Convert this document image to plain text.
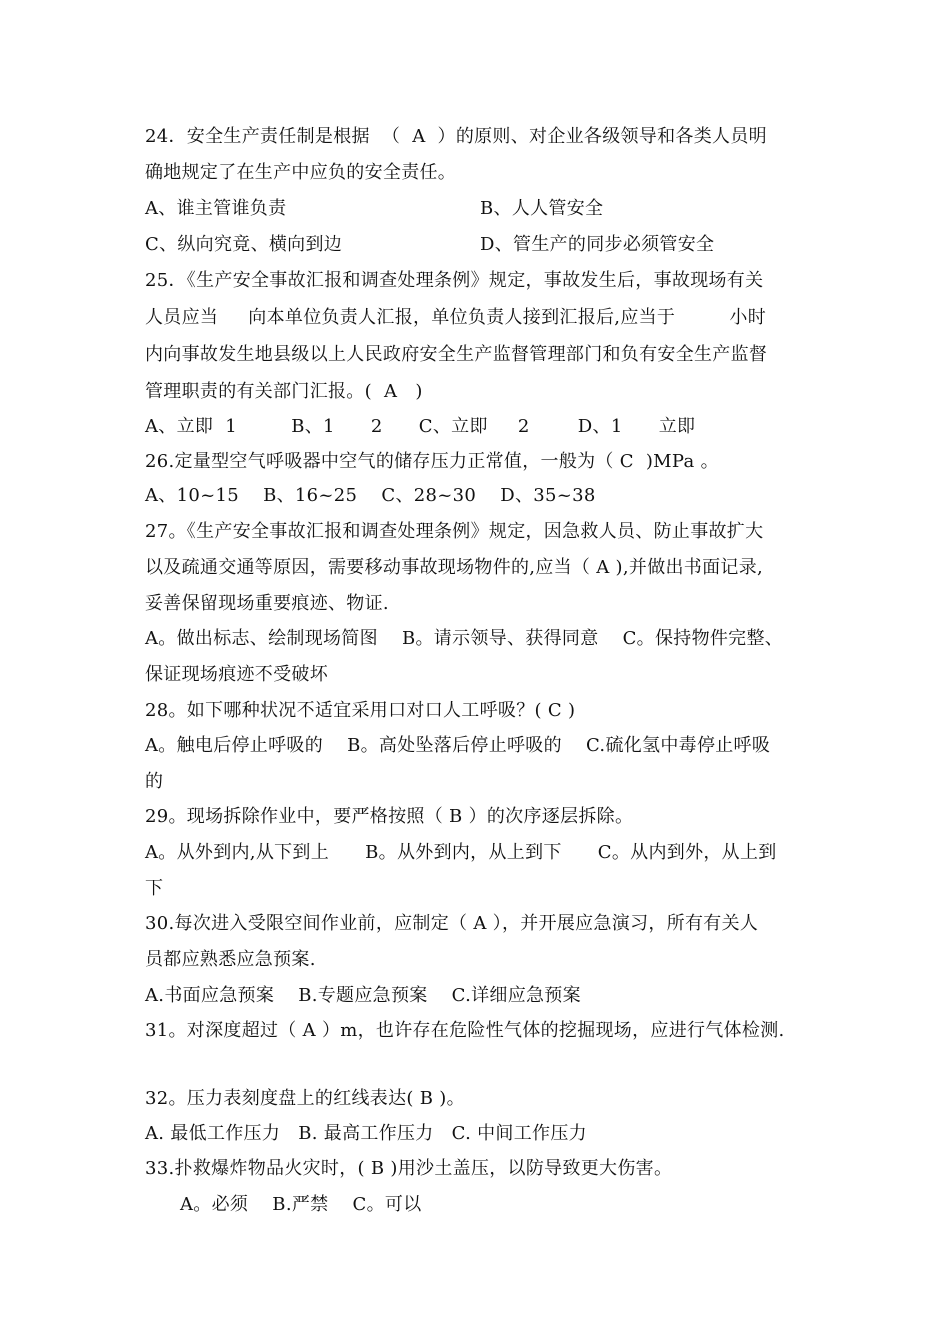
24．安全生产责任制是根据  （  A  ）的原则、对企业各级领导和各类人员明
确地规定了在生产中应负的安全责任。
A、谁主管谁负责	B、人人管安全
C、纵向究竟、横向到边	D、管生产的同步必须管安全
25．《生产安全事故汇报和调查处理条例》规定，事故发生后，事故现场有关
人员应当     向本单位负责人汇报，单位负责人接到汇报后,应当于         小时
内向事故发生地县级以上人民政府安全生产监督管理部门和负有安全生产监督
管理职责的有关部门汇报。(  A   )
A、立即  1         B、1      2      C、立即     2        D、1      立即
26.定量型空气呼吸器中空气的储存压力正常值，一般为（ C  )MPa 。
A、10~15    B、16~25    C、28~30    D、35~38
27。《生产安全事故汇报和调查处理条例》规定，因急救人员、防止事故扩大
以及疏通交通等原因，需要移动事故现场物件的,应当（ A ),并做出书面记录,
妥善保留现场重要痕迹、物证.
A。做出标志、绘制现场简图    B。请示领导、获得同意    C。保持物件完整、
保证现场痕迹不受破坏
28。如下哪种状况不适宜采用口对口人工呼吸？( C )
A。触电后停止呼吸的    B。高处坠落后停止呼吸的    C.硫化氢中毒停止呼吸
的
29。现场拆除作业中，要严格按照（ B ）的次序逐层拆除。
A。从外到内,从下到上      B。从外到内，从上到下      C。从内到外，从上到
下
30.每次进入受限空间作业前，应制定（ A ），并开展应急演习，所有有关人
员都应熟悉应急预案.
A.书面应急预案    B.专题应急预案    C.详细应急预案
31。对深度超过（ A ）m，也许存在危险性气体的挖掘现场，应进行气体检测.
32。压力表刻度盘上的红线表达( B )。
A. 最低工作压力   B. 最高工作压力   C. 中间工作压力
33.扑救爆炸物品火灾时，( B )用沙土盖压，以防导致更大伤害。
A。必须    B.严禁    C。可以
